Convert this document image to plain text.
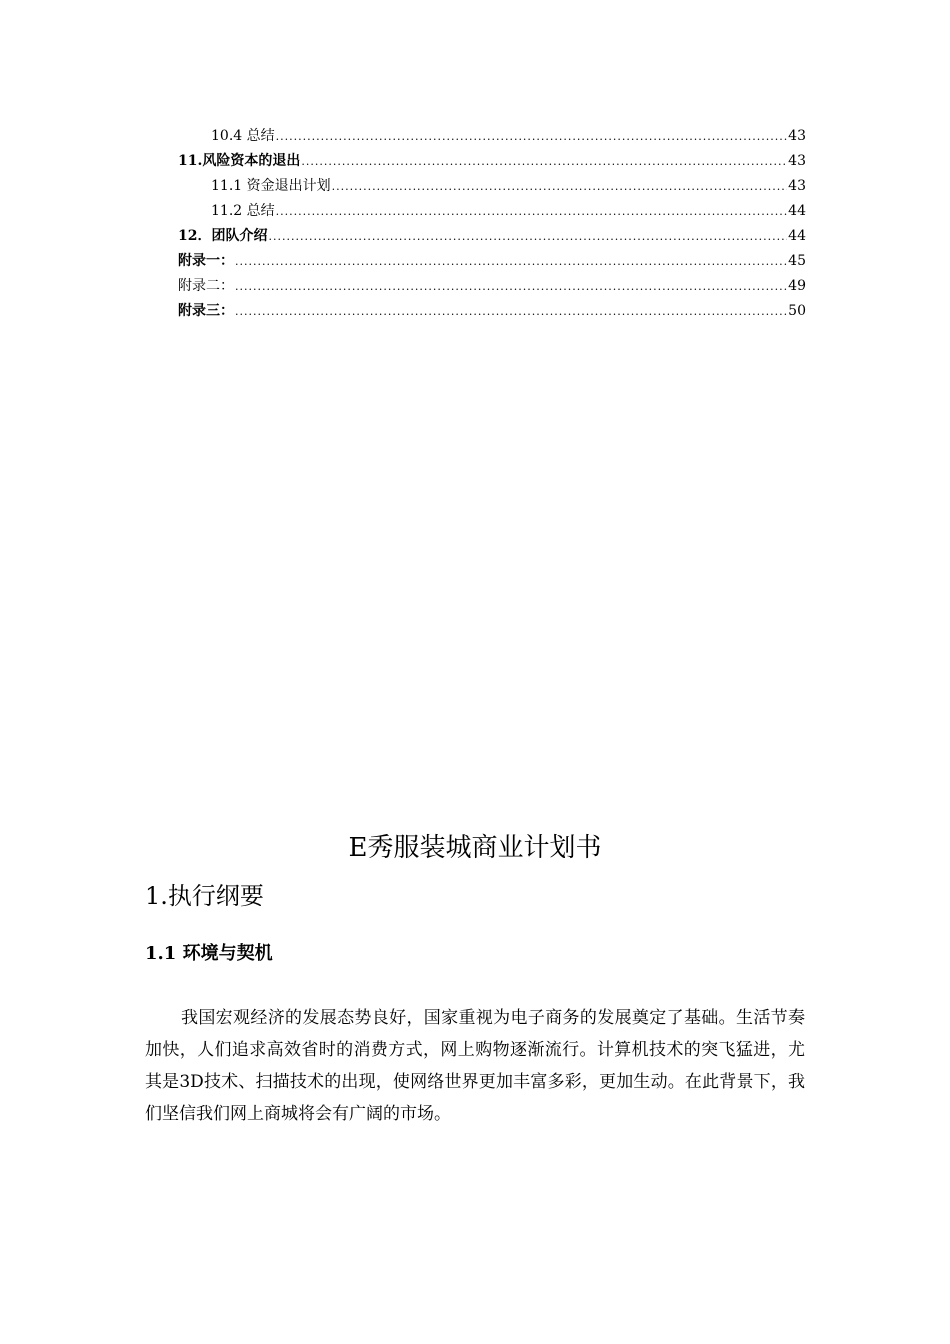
10.4 总结 .....	43
11.风险资本的退出 .....	43
11.1 资金退出计划 .....	43
11.2 总结 .....	44
12．团队介绍 .....	44
附录一： .....	45
附录二： .....	49
附录三： .....	50
E秀服装城商业计划书
1.执行纲要
1.1 环境与契机

我国宏观经济的发展态势良好，国家重视为电子商务的发展奠定了基础。生活节奏加快，人们追求高效省时的消费方式，网上购物逐渐流行。计算机技术的突飞猛进，尤其是3D技术、扫描技术的出现，使网络世界更加丰富多彩，更加生动。在此背景下，我们坚信我们网上商城将会有广阔的市场。
